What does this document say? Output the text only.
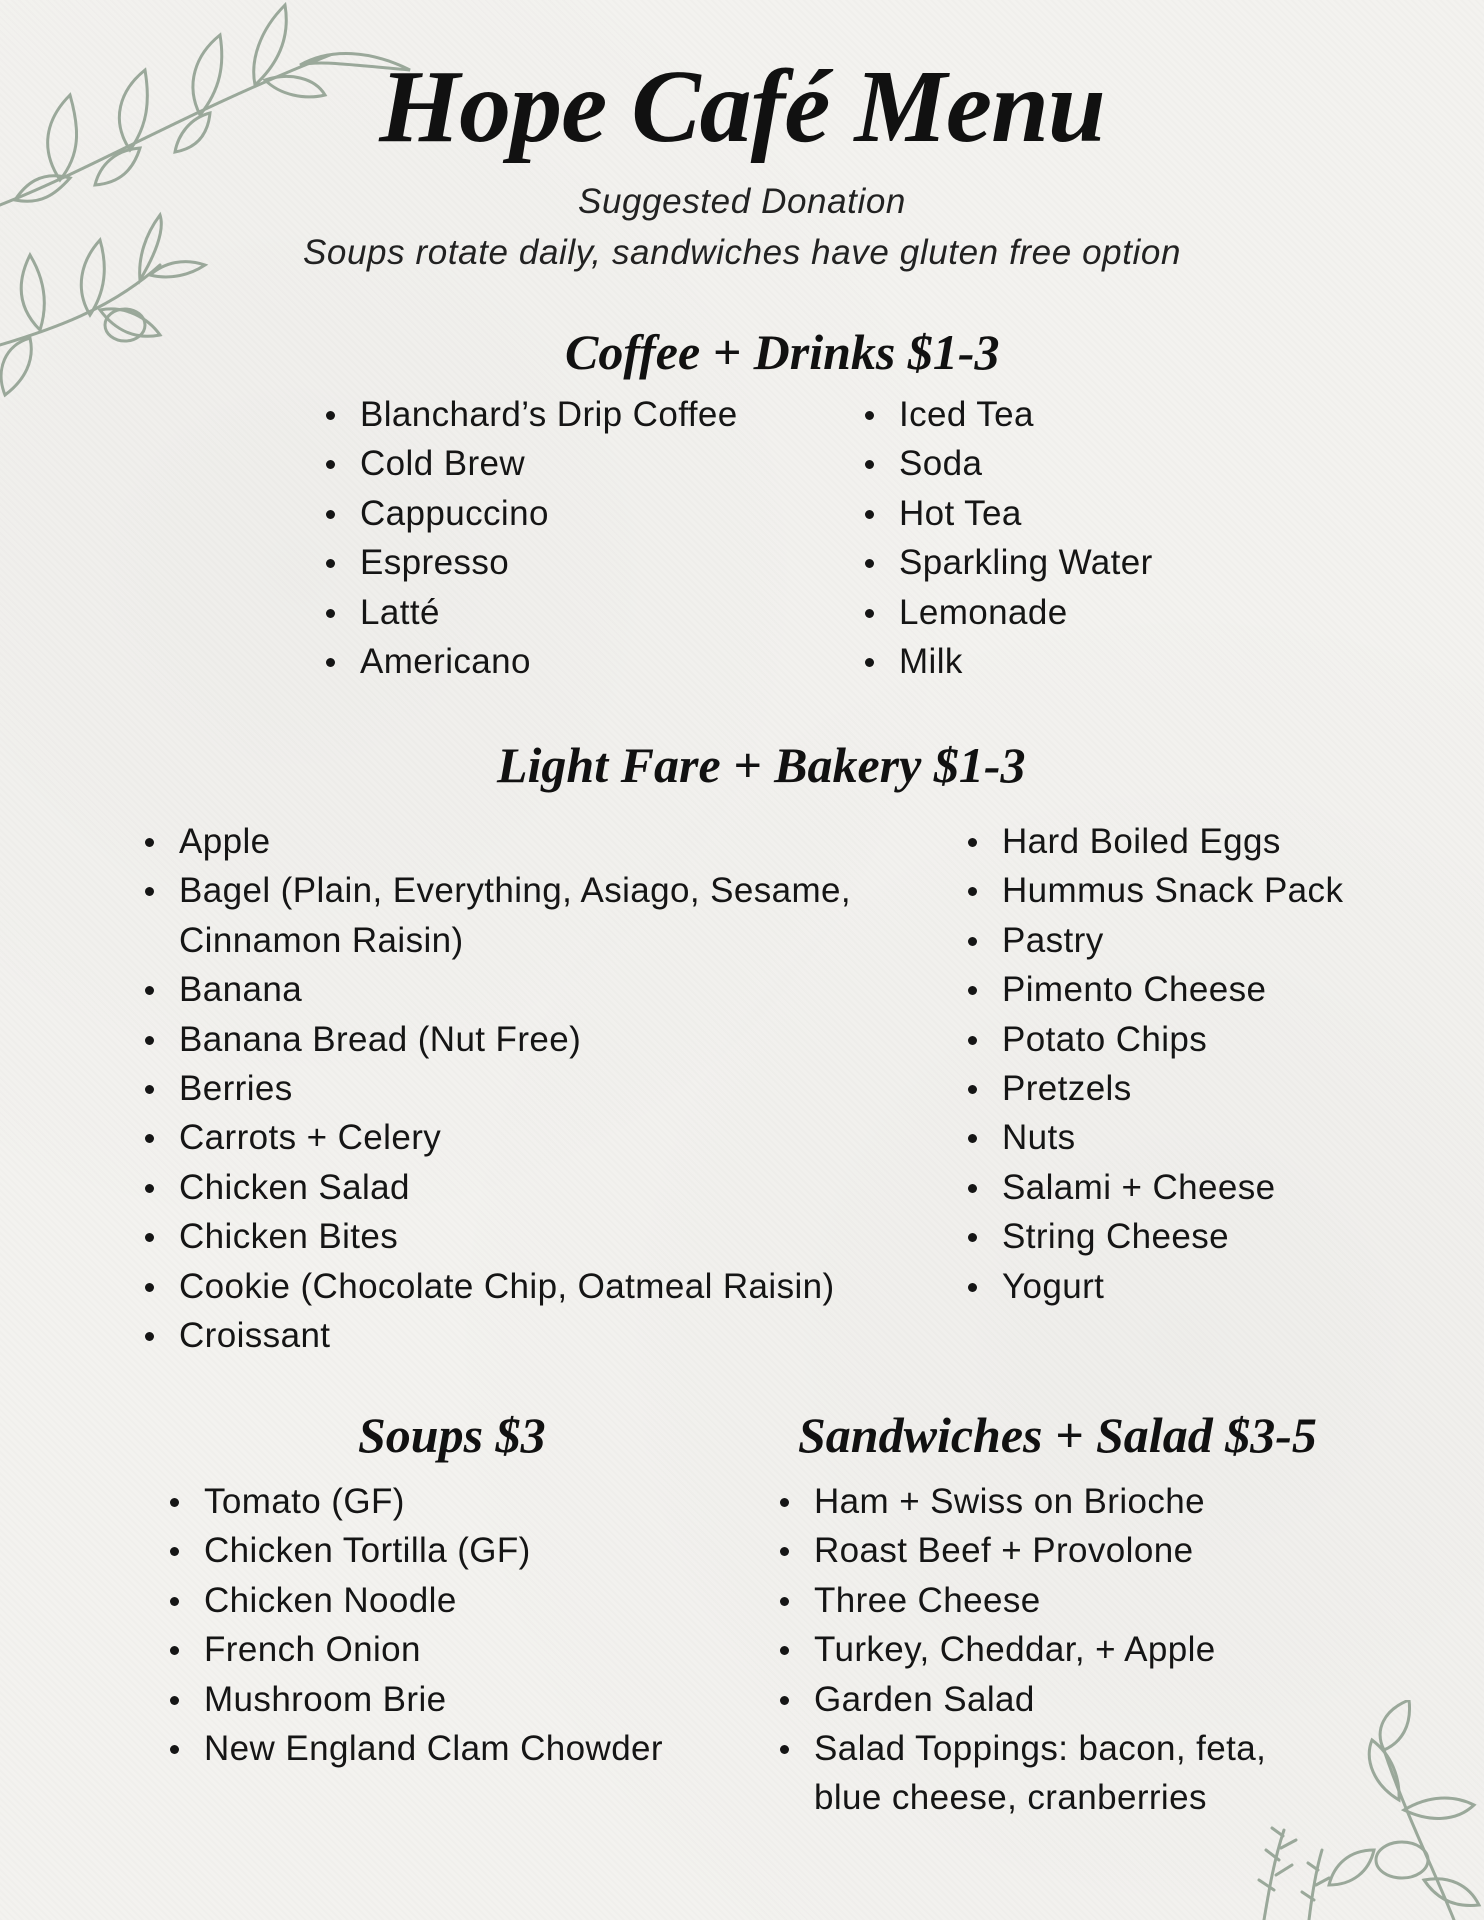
Hope Café Menu
Suggested Donation
Soups rotate daily, sandwiches have gluten free option
Coffee + Drinks $1-3
Blanchard’s Drip Coffee
Cold Brew
Cappuccino
Espresso
Latté
Americano
Iced Tea
Soda
Hot Tea
Sparkling Water
Lemonade
Milk
Light Fare + Bakery $1-3
Apple
Bagel (Plain, Everything, Asiago, Sesame, Cinnamon Raisin)
Banana
Banana Bread (Nut Free)
Berries
Carrots + Celery
Chicken Salad
Chicken Bites
Cookie (Chocolate Chip, Oatmeal Raisin)
Croissant
Hard Boiled Eggs
Hummus Snack Pack
Pastry
Pimento Cheese
Potato Chips
Pretzels
Nuts
Salami + Cheese
String Cheese
Yogurt
Soups $3
Tomato (GF)
Chicken Tortilla (GF)
Chicken Noodle
French Onion
Mushroom Brie
New England Clam Chowder
Sandwiches + Salad $3-5
Ham + Swiss on Brioche
Roast Beef + Provolone
Three Cheese
Turkey, Cheddar, + Apple
Garden Salad
Salad Toppings: bacon, feta, blue cheese, cranberries
